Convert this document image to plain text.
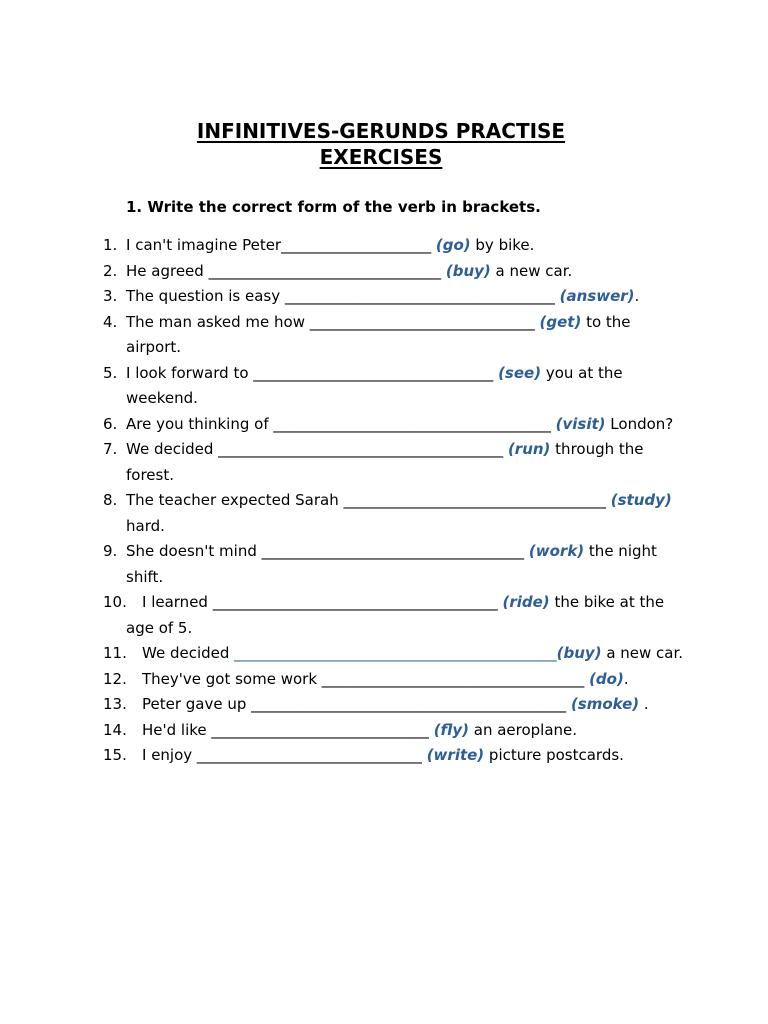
INFINITIVES-GERUNDS PRACTISE
EXERCISES
1. Write the correct form of the verb in brackets.
1. I can't imagine Peter____________________ (go) by bike.
2. He agreed _______________________________ (buy) a new car.
3. The question is easy ____________________________________ (answer).
4. The man asked me how ______________________________ (get) to the airport.
5. I look forward to ________________________________ (see) you at the weekend.
6. Are you thinking of _____________________________________ (visit) London?
7. We decided ______________________________________ (run) through the forest.
8. The teacher expected Sarah ___________________________________ (study) hard.
9. She doesn't mind ___________________________________ (work) the night shift.
10. I learned ______________________________________ (ride) the bike at the age of 5.
11. We decided ___________________________________________(buy) a new car.
12. They've got some work ___________________________________ (do).
13. Peter gave up __________________________________________ (smoke) .
14. He'd like _____________________________ (fly) an aeroplane.
15. I enjoy ______________________________ (write) picture postcards.
